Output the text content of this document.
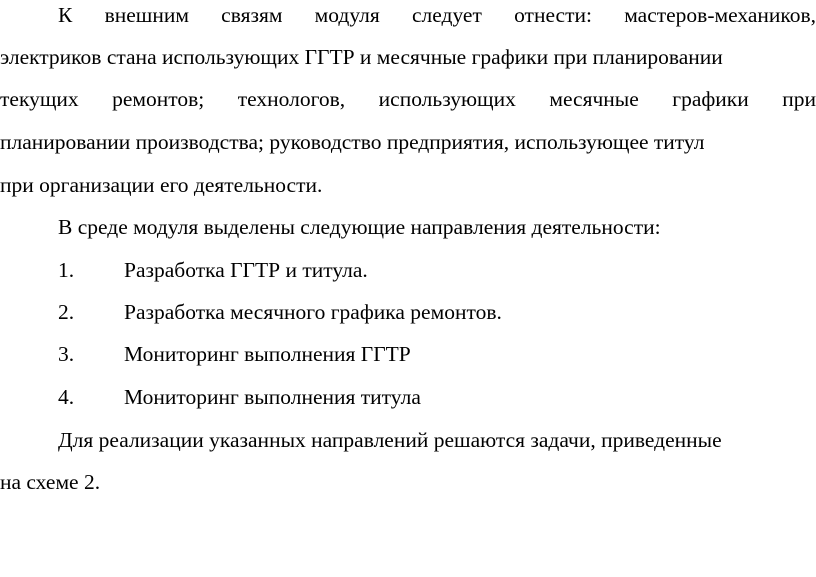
К внешним связям модуля следует отнести: мастеров-механиков,
электриков стана использующих ГГТР и месячные графики при планировании
текущих ремонтов; технологов, использующих месячные графики при
планировании производства; руководство предприятия, использующее титул
при организации его деятельности.
В среде модуля выделены следующие направления деятельности:
1. Разработка ГГТР и титула.
2. Разработка месячного графика ремонтов.
3. Мониторинг выполнения ГГТР
4. Мониторинг выполнения титула
Для реализации указанных направлений решаются задачи, приведенные
на схеме 2.
